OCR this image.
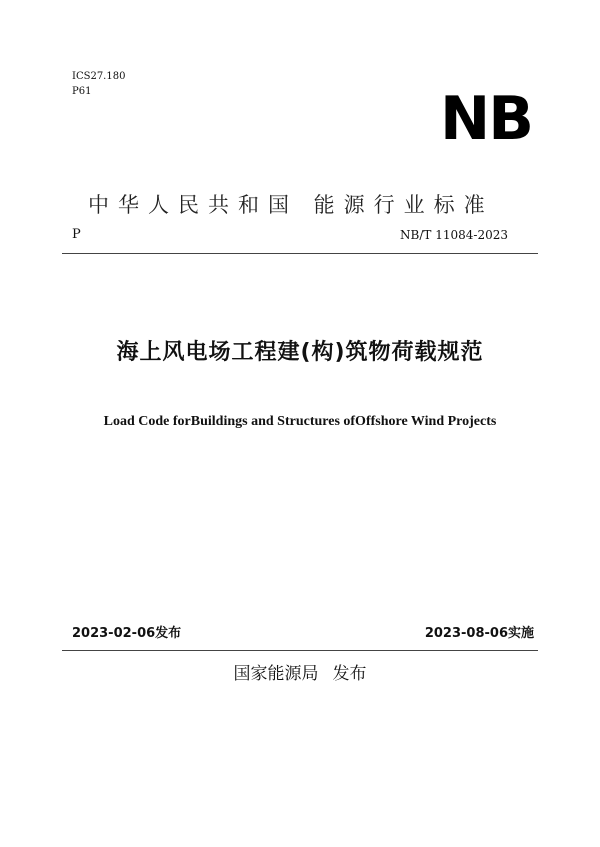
ICS27.180
P61	NB
中华人民共和国 能源行业标准
P	NB/T 11084-2023
海上风电场工程建(构)筑物荷载规范
Load Code forBuildings and Structures ofOffshore Wind Projects
2023-02-06发布	2023-08-06实施
国家能源局 发布
